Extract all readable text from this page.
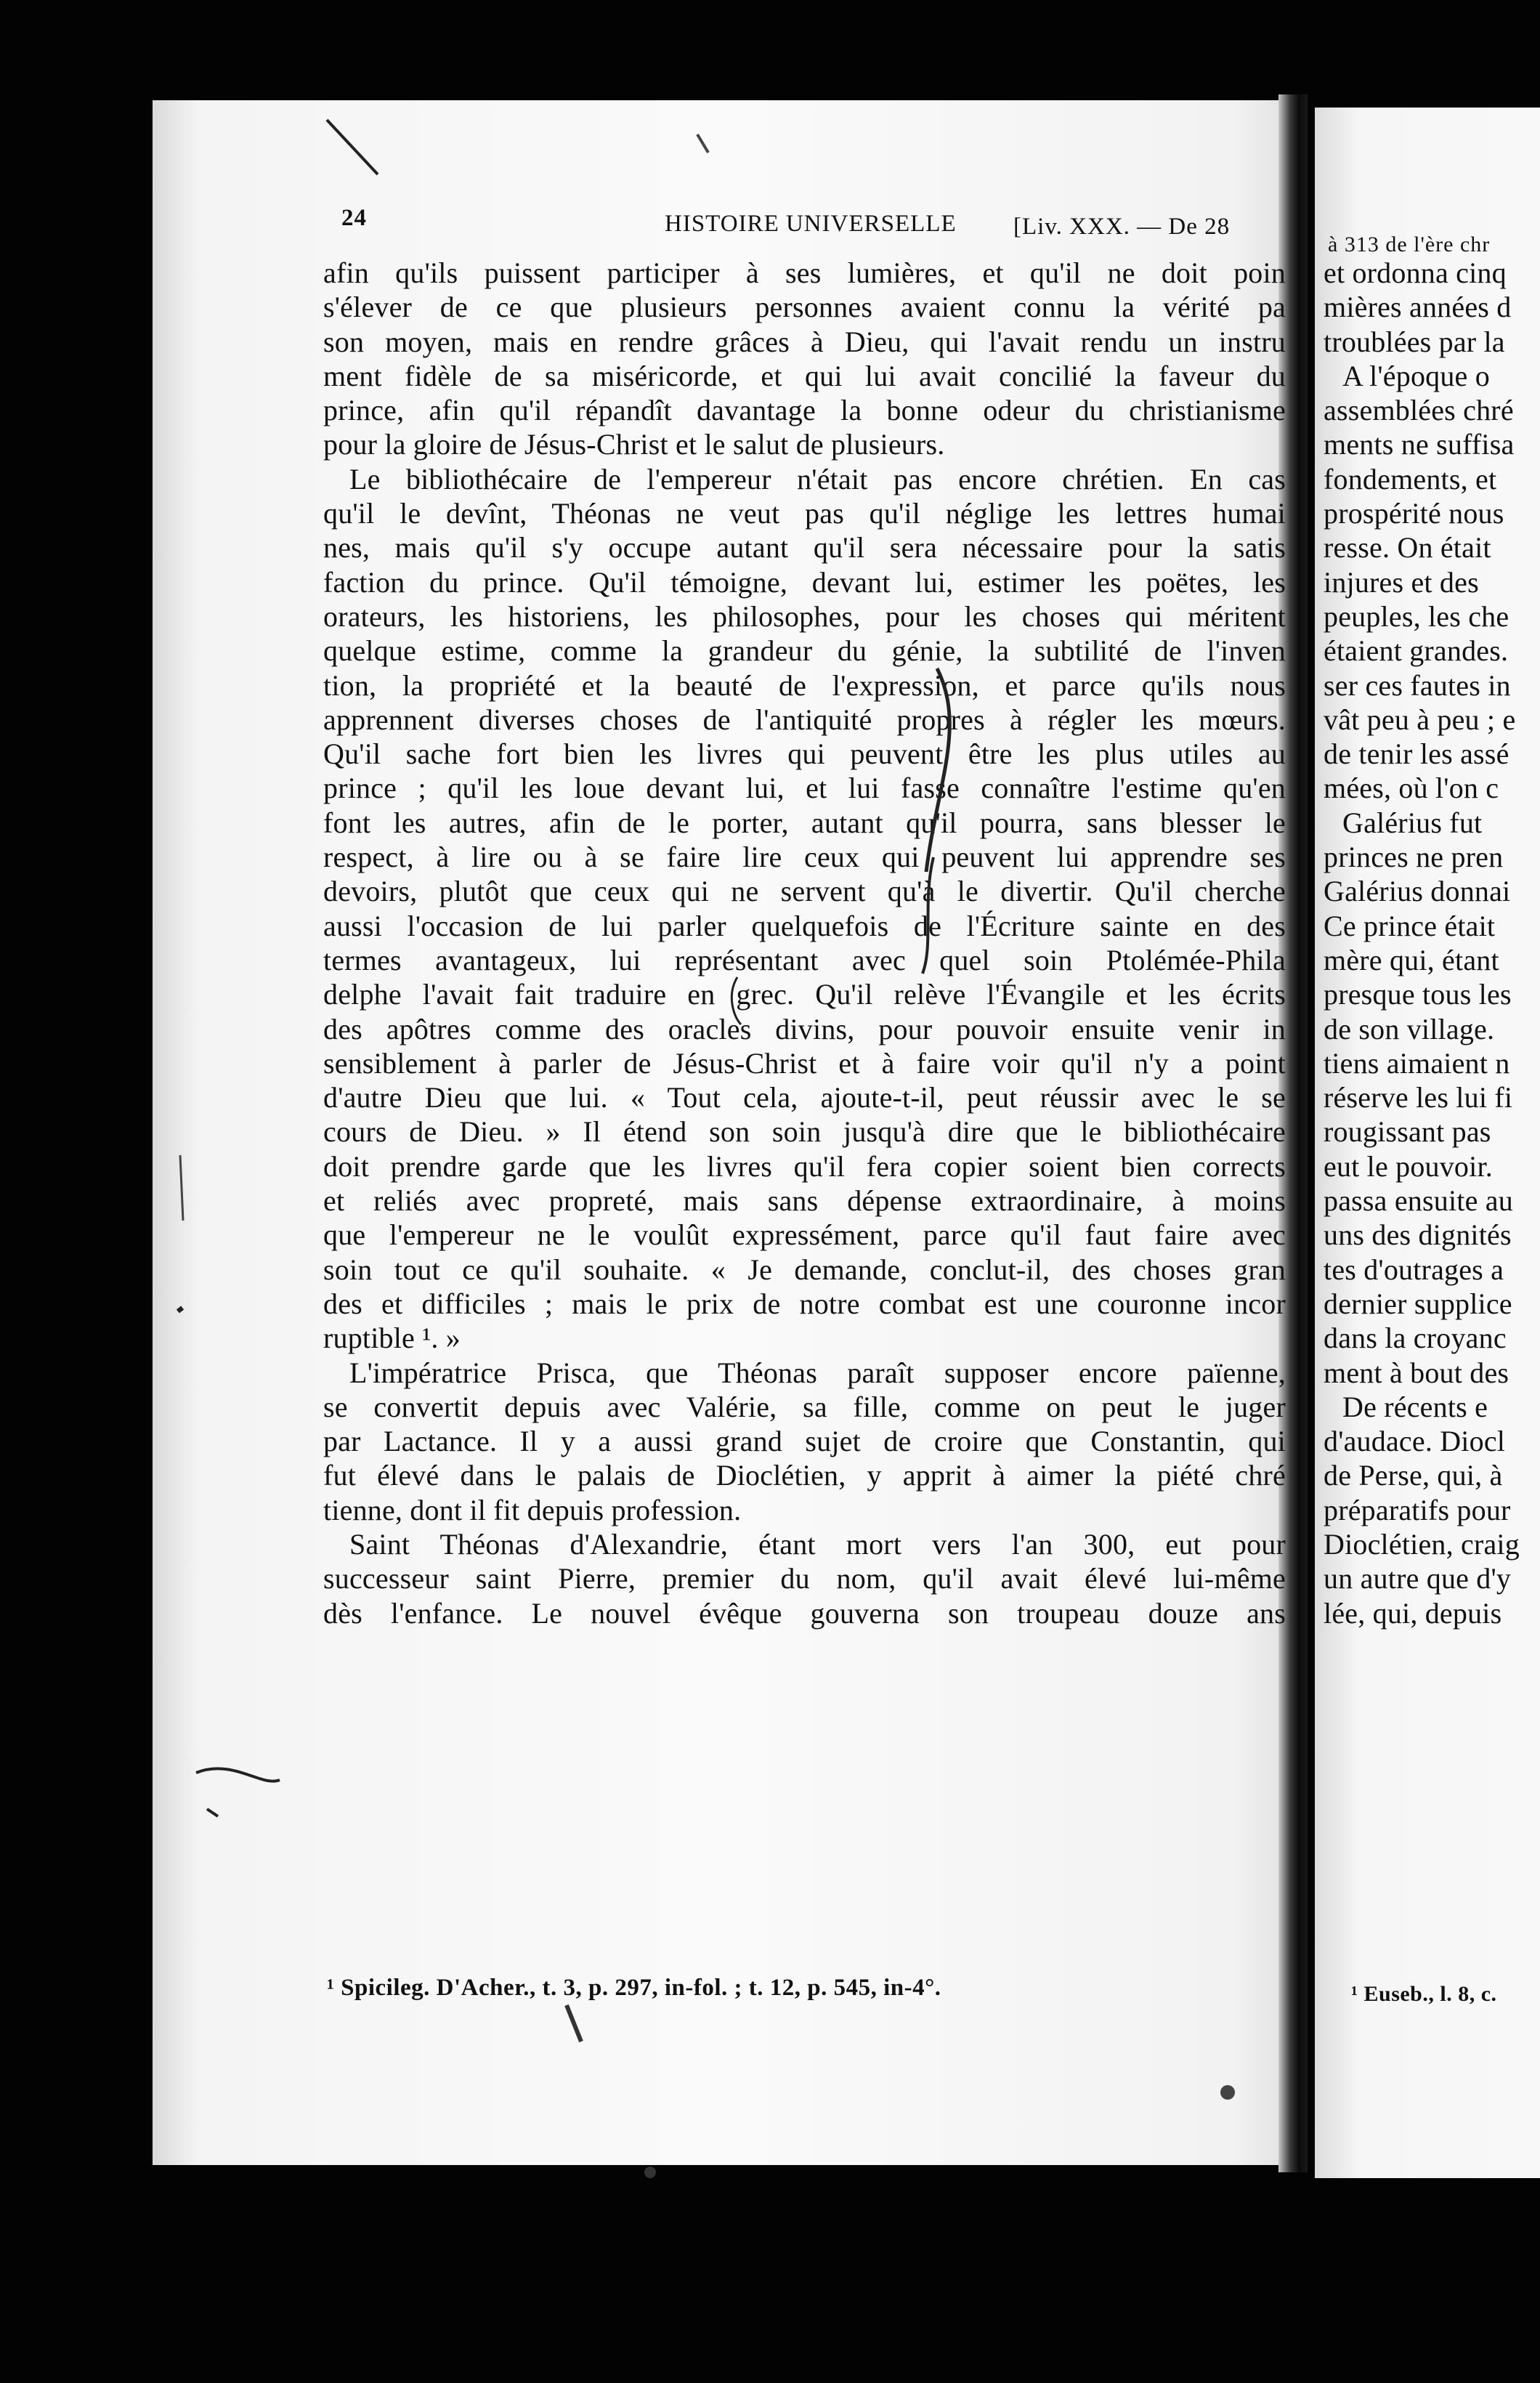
24	HISTOIRE UNIVERSELLE [Liv. XXX. — De 28
afin qu'ils puissent participer à ses lumières, et qu'il ne doit poin
s'élever de ce que plusieurs personnes avaient connu la vérité pa
son moyen, mais en rendre grâces à Dieu, qui l'avait rendu un instru
ment fidèle de sa miséricorde, et qui lui avait concilié la faveur du
prince, afin qu'il répandît davantage la bonne odeur du christianisme
pour la gloire de Jésus-Christ et le salut de plusieurs.
Le bibliothécaire de l'empereur n'était pas encore chrétien. En cas
qu'il le devînt, Théonas ne veut pas qu'il néglige les lettres humai
nes, mais qu'il s'y occupe autant qu'il sera nécessaire pour la satis
faction du prince. Qu'il témoigne, devant lui, estimer les poëtes, les
orateurs, les historiens, les philosophes, pour les choses qui méritent
quelque estime, comme la grandeur du génie, la subtilité de l'inven
tion, la propriété et la beauté de l'expression, et parce qu'ils nous
apprennent diverses choses de l'antiquité propres à régler les mœurs.
Qu'il sache fort bien les livres qui peuvent être les plus utiles au
prince ; qu'il les loue devant lui, et lui fasse connaître l'estime qu'en
font les autres, afin de le porter, autant qu'il pourra, sans blesser le
respect, à lire ou à se faire lire ceux qui peuvent lui apprendre ses
devoirs, plutôt que ceux qui ne servent qu'à le divertir. Qu'il cherche
aussi l'occasion de lui parler quelquefois de l'Écriture sainte en des
termes avantageux, lui représentant avec quel soin Ptolémée-Phila
delphe l'avait fait traduire en grec. Qu'il relève l'Évangile et les écrits
des apôtres comme des oracles divins, pour pouvoir ensuite venir in
sensiblement à parler de Jésus-Christ et à faire voir qu'il n'y a point
d'autre Dieu que lui. « Tout cela, ajoute-t-il, peut réussir avec le se
cours de Dieu. » Il étend son soin jusqu'à dire que le bibliothécaire
doit prendre garde que les livres qu'il fera copier soient bien corrects
et reliés avec propreté, mais sans dépense extraordinaire, à moins
que l'empereur ne le voulût expressément, parce qu'il faut faire avec
soin tout ce qu'il souhaite. « Je demande, conclut-il, des choses gran
des et difficiles ; mais le prix de notre combat est une couronne incor
ruptible ¹. »
L'impératrice Prisca, que Théonas paraît supposer encore païenne,
se convertit depuis avec Valérie, sa fille, comme on peut le juger
par Lactance. Il y a aussi grand sujet de croire que Constantin, qui
fut élevé dans le palais de Dioclétien, y apprit à aimer la piété chré
tienne, dont il fit depuis profession.
Saint Théonas d'Alexandrie, étant mort vers l'an 300, eut pour
successeur saint Pierre, premier du nom, qu'il avait élevé lui-même
dès l'enfance. Le nouvel évêque gouverna son troupeau douze ans
¹ Spicileg. D'Acher., t. 3, p. 297, in-fol. ; t. 12, p. 545, in-4°.
à 313 de l'ère chr
et ordonna cinq
mières années d
troublées par la
A l'époque o
assemblées chré
ments ne suffisa
fondements, et
prospérité nous
resse. On était
injures et des
peuples, les che
étaient grandes.
ser ces fautes in
vât peu à peu ; e
de tenir les assé
mées, où l'on c
Galérius fut
princes ne pren
Galérius donnai
Ce prince était
mère qui, étant
presque tous les
de son village.
tiens aimaient n
réserve les lui fi
rougissant pas
eut le pouvoir.
passa ensuite au
uns des dignités
tes d'outrages a
dernier supplice
dans la croyanc
ment à bout des
De récents e
d'audace. Diocl
de Perse, qui, à
préparatifs pour
Dioclétien, craig
un autre que d'y
lée, qui, depuis
¹ Euseb., l. 8, c.
